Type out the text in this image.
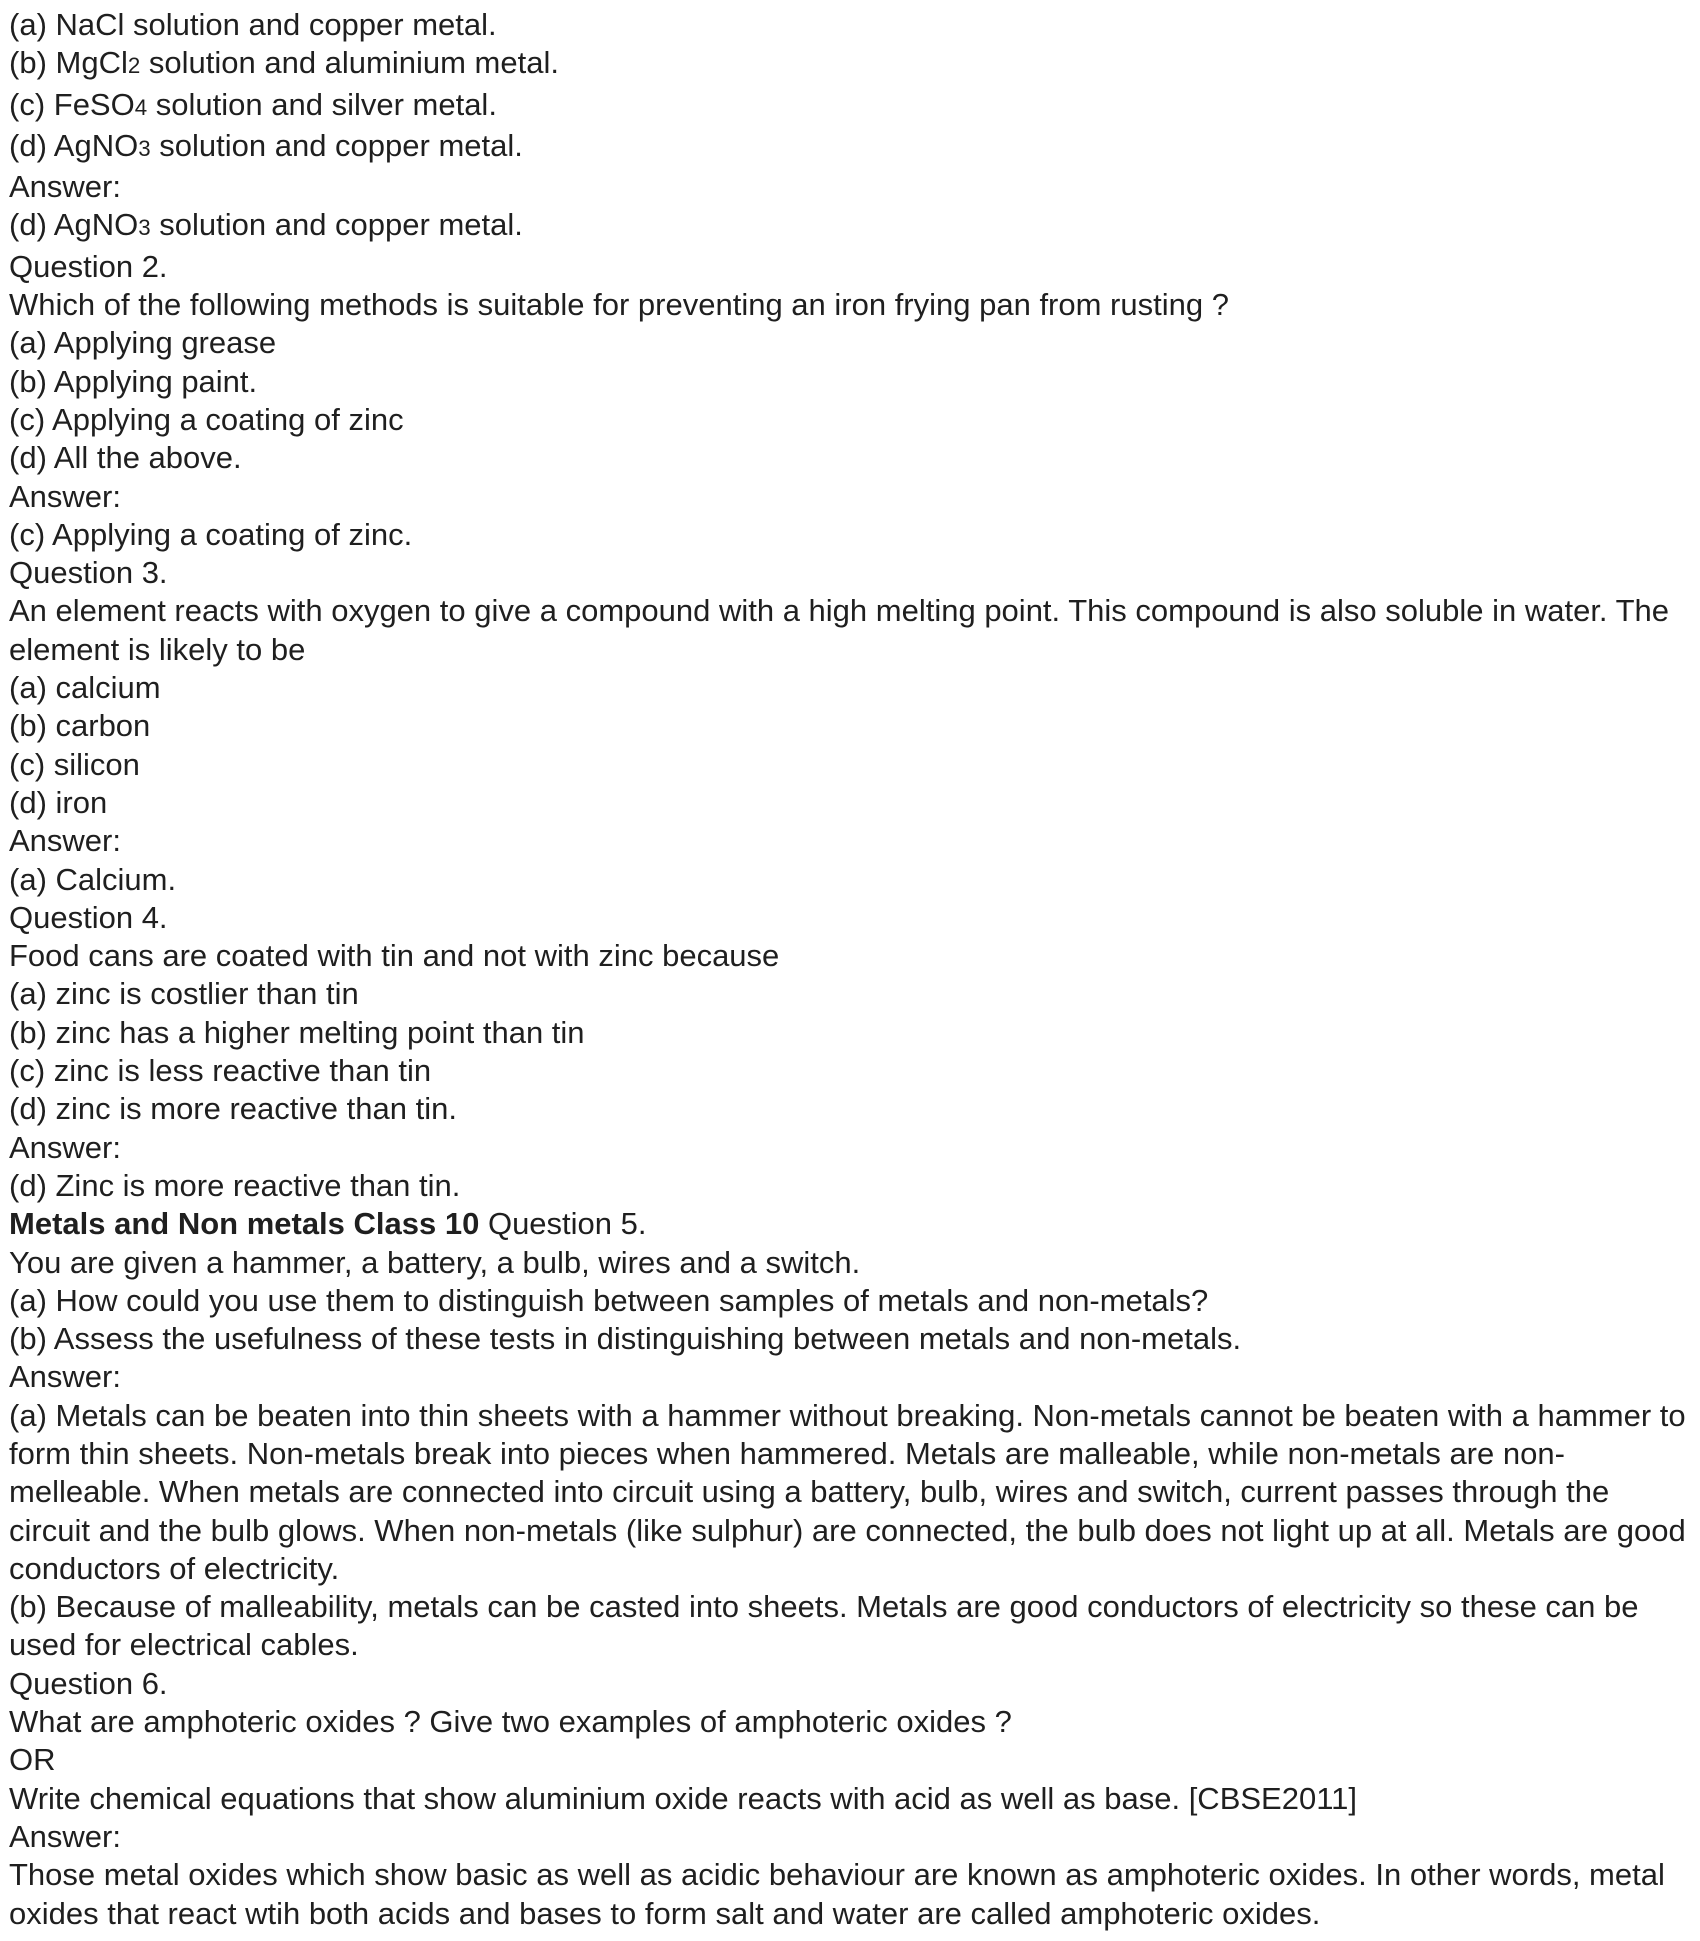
(a) NaCl solution and copper metal.
(b) MgCl2 solution and aluminium metal.
(c) FeSO4 solution and silver metal.
(d) AgNO3 solution and copper metal.
Answer:
(d) AgNO3 solution and copper metal.
Question 2.
Which of the following methods is suitable for preventing an iron frying pan from rusting ?
(a) Applying grease
(b) Applying paint.
(c) Applying a coating of zinc
(d) All the above.
Answer:
(c) Applying a coating of zinc.
Question 3.
An element reacts with oxygen to give a compound with a high melting point. This compound is also soluble in water. The element is likely to be
(a) calcium
(b) carbon
(c) silicon
(d) iron
Answer:
(a) Calcium.
Question 4.
Food cans are coated with tin and not with zinc because
(a) zinc is costlier than tin
(b) zinc has a higher melting point than tin
(c) zinc is less reactive than tin
(d) zinc is more reactive than tin.
Answer:
(d) Zinc is more reactive than tin.
Metals and Non metals Class 10 Question 5.
You are given a hammer, a battery, a bulb, wires and a switch.
(a) How could you use them to distinguish between samples of metals and non-metals?
(b) Assess the usefulness of these tests in distinguishing between metals and non-metals.
Answer:
(a) Metals can be beaten into thin sheets with a hammer without breaking. Non-metals cannot be beaten with a hammer to form thin sheets. Non-metals break into pieces when hammered. Metals are malleable, while non-metals are non-melleable. When metals are connected into circuit using a battery, bulb, wires and switch, current passes through the circuit and the bulb glows. When non-metals (like sulphur) are connected, the bulb does not light up at all. Metals are good conductors of electricity.
(b) Because of malleability, metals can be casted into sheets. Metals are good conductors of electricity so these can be used for electrical cables.
Question 6.
What are amphoteric oxides ? Give two examples of amphoteric oxides ?
OR
Write chemical equations that show aluminium oxide reacts with acid as well as base. [CBSE2011]
Answer:
Those metal oxides which show basic as well as acidic behaviour are known as amphoteric oxides. In other words, metal oxides that react wtih both acids and bases to form salt and water are called amphoteric oxides.
